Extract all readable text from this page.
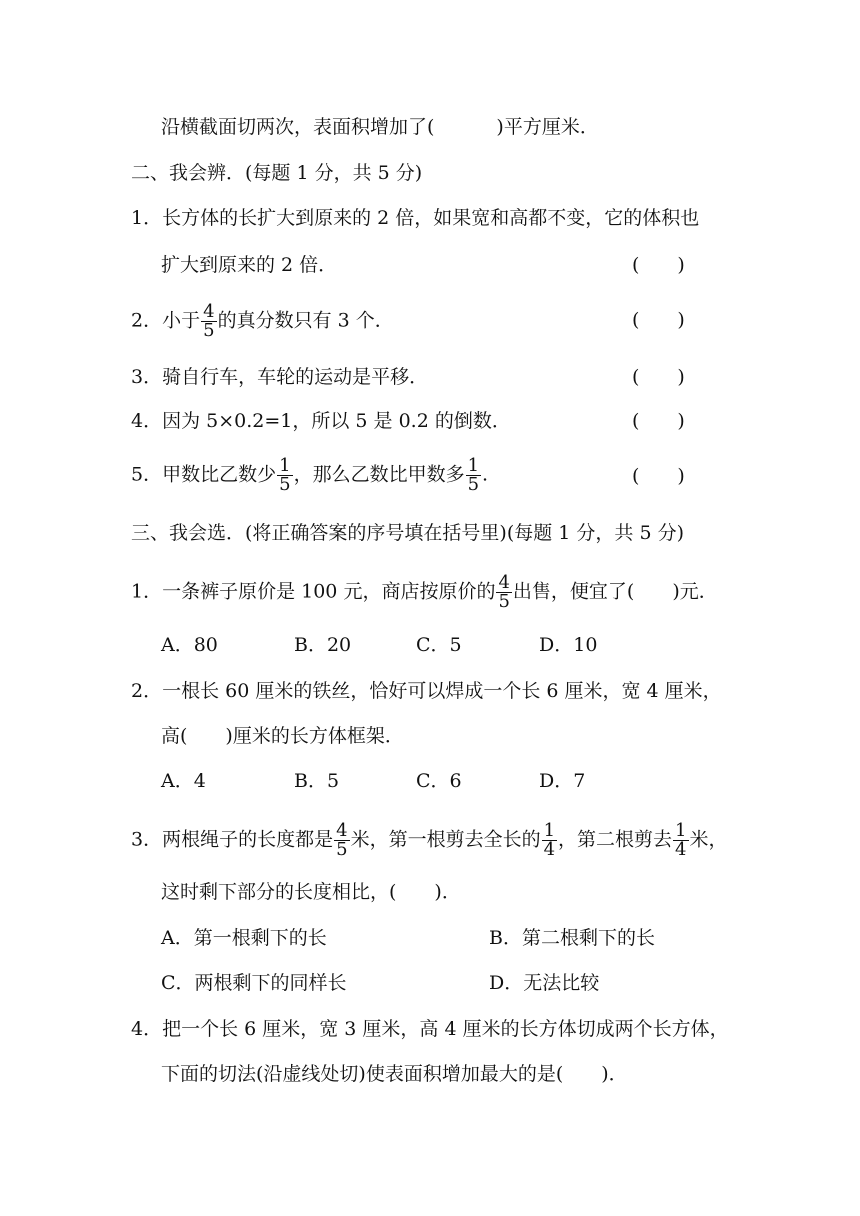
沿横截面切两次，表面积增加了(	)平方厘米．
二、我会辨．(每题 1 分，共 5 分)
1．长方体的长扩大到原来的 2 倍，如果宽和高都不变，它的体积也
扩大到原来的 2 倍．	(　　)
2．小于 $\frac{4}{5}$ 的真分数只有 3 个．	(　　)
3．骑自行车，车轮的运动是平移．	(　　)
4．因为 5×0.2=1，所以 5 是 0.2 的倒数．	(　　)
5．甲数比乙数少 $\frac{1}{5}$ ，那么乙数比甲数多 $\frac{1}{5}$ .	(　　)
三、我会选．(将正确答案的序号填在括号里)(每题 1 分，共 5 分)
1．一条裤子原价是 100 元，商店按原价的 $\frac{4}{5}$ 出售，便宜了(　　)元．
A．80	B．20	C．5	D．10
2．一根长 60 厘米的铁丝，恰好可以焊成一个长 6 厘米，宽 4 厘米，
高(　　)厘米的长方体框架．
A．4	B．5	C．6	D．7
3．两根绳子的长度都是 $\frac{4}{5}$ 米，第一根剪去全长的 $\frac{1}{4}$ ，第二根剪去 $\frac{1}{4}$ 米，
这时剩下部分的长度相比，(　　)．
A．第一根剩下的长	B．第二根剩下的长
C．两根剩下的同样长	D．无法比较
4．把一个长 6 厘米，宽 3 厘米，高 4 厘米的长方体切成两个长方体，
下面的切法(沿虚线处切)使表面积增加最大的是(　　)．
